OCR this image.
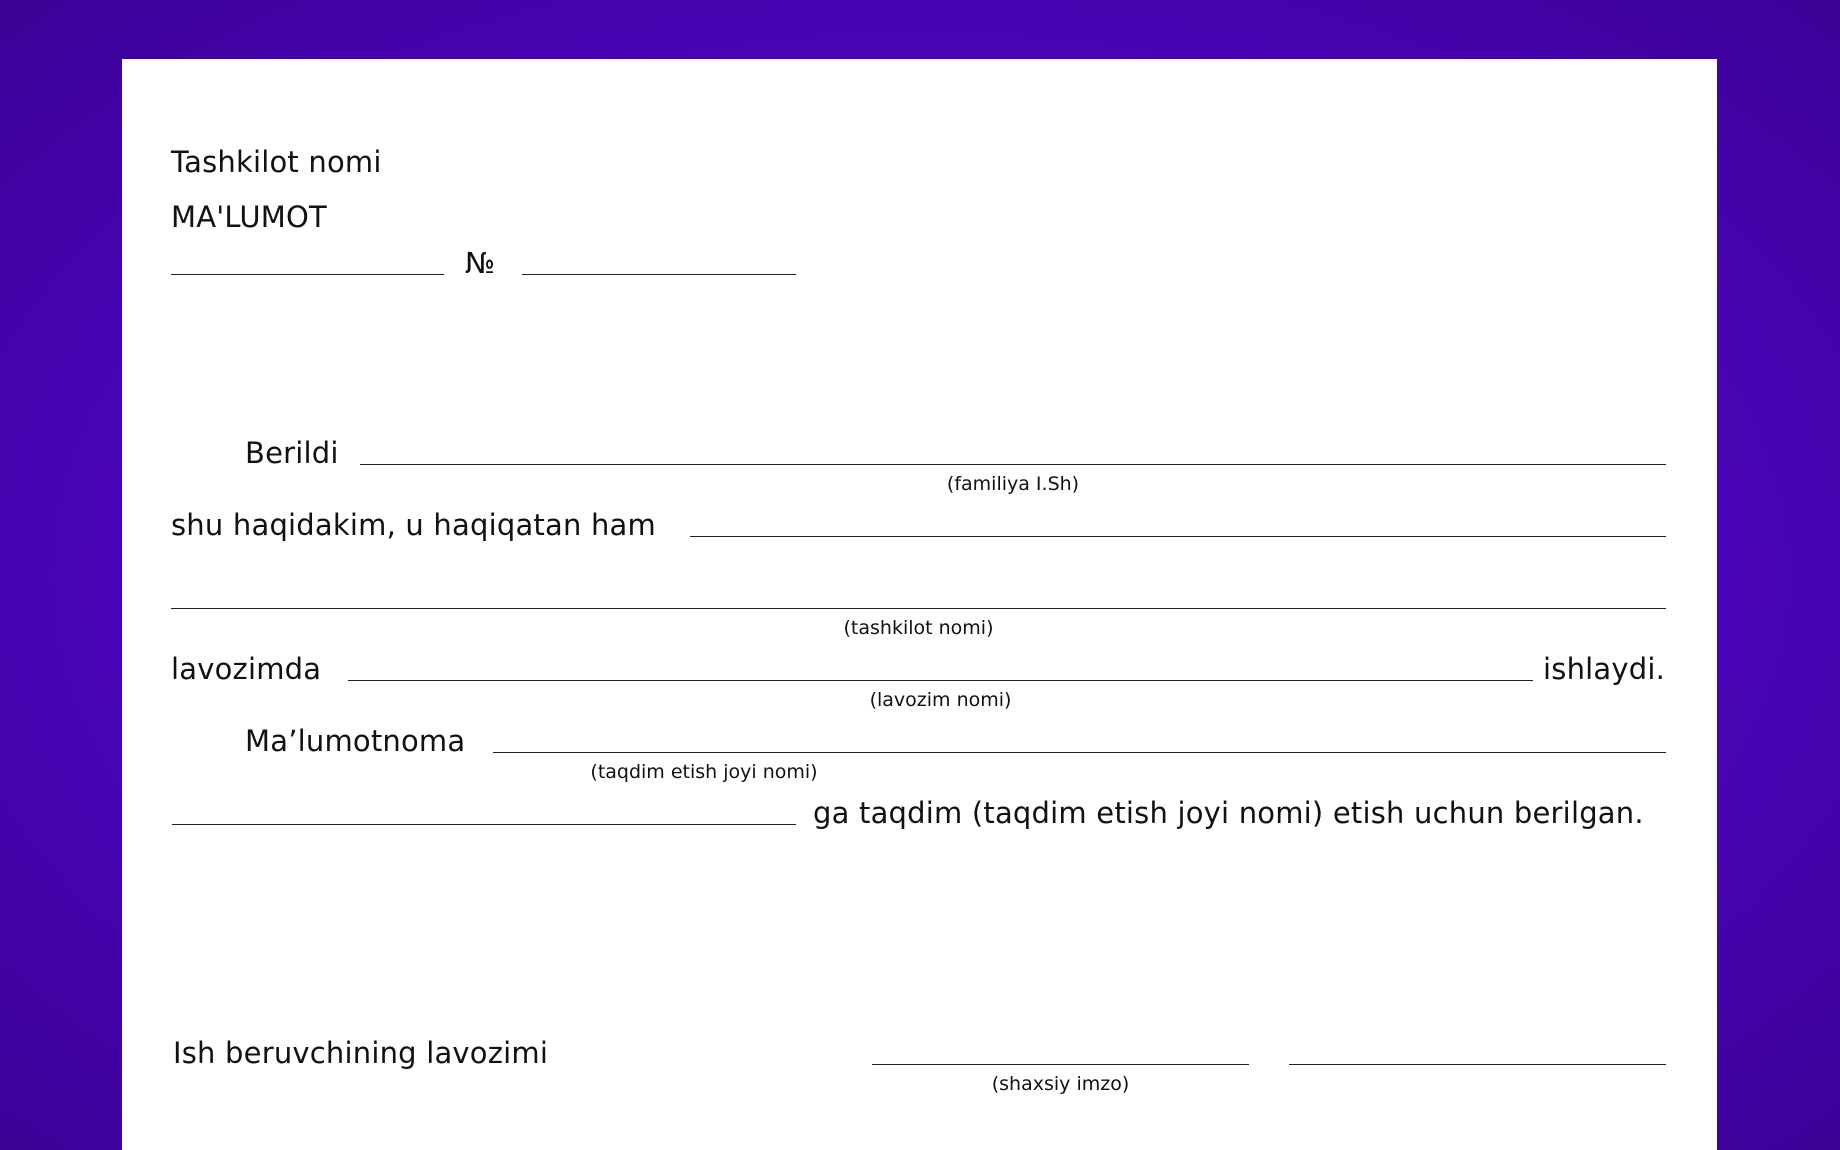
Tashkilot nomi
MA'LUMOT
№
Berildi
(familiya I.Sh)
shu haqidakim, u haqiqatan ham
(tashkilot nomi)
lavozimda	ishlaydi.
(lavozim nomi)
Ma’lumotnoma
(taqdim etish joyi nomi)
ga taqdim (taqdim etish joyi nomi) etish uchun berilgan.
Ish beruvchining lavozimi
(shaxsiy imzo)
